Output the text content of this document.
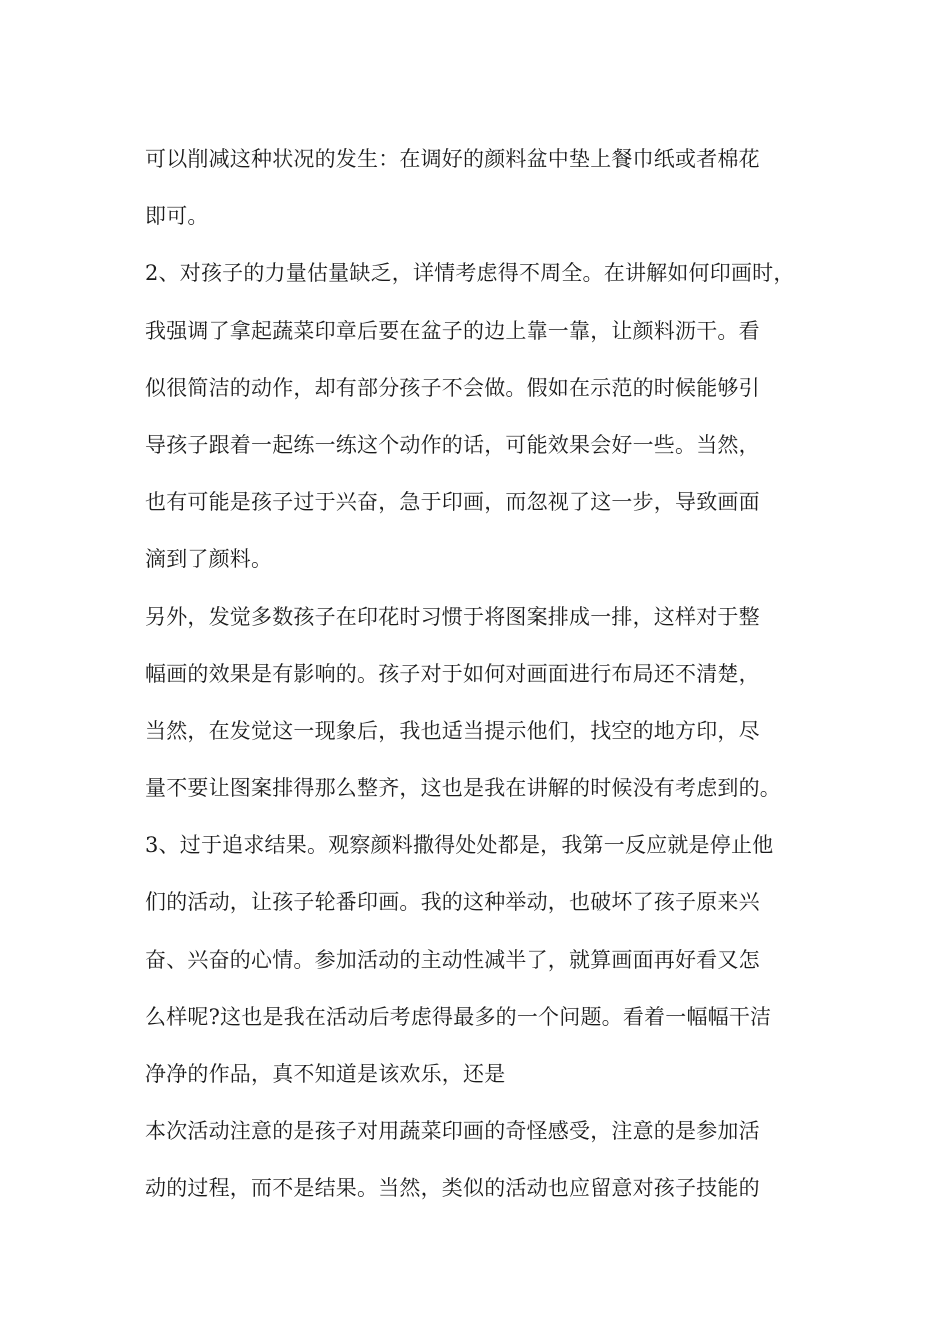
可以削减这种状况的发生：在调好的颜料盆中垫上餐巾纸或者棉花
即可。
2、对孩子的力量估量缺乏，详情考虑得不周全。在讲解如何印画时，
我强调了拿起蔬菜印章后要在盆子的边上靠一靠，让颜料沥干。看
似很简洁的动作，却有部分孩子不会做。假如在示范的时候能够引
导孩子跟着一起练一练这个动作的话，可能效果会好一些。当然，
也有可能是孩子过于兴奋，急于印画，而忽视了这一步，导致画面
滴到了颜料。
另外，发觉多数孩子在印花时习惯于将图案排成一排，这样对于整
幅画的效果是有影响的。孩子对于如何对画面进行布局还不清楚，
当然，在发觉这一现象后，我也适当提示他们，找空的地方印，尽
量不要让图案排得那么整齐，这也是我在讲解的时候没有考虑到的。
3、过于追求结果。观察颜料撒得处处都是，我第一反应就是停止他
们的活动，让孩子轮番印画。我的这种举动，也破坏了孩子原来兴
奋、兴奋的心情。参加活动的主动性减半了，就算画面再好看又怎
么样呢?这也是我在活动后考虑得最多的一个问题。看着一幅幅干洁
净净的作品，真不知道是该欢乐，还是
本次活动注意的是孩子对用蔬菜印画的奇怪感受，注意的是参加活
动的过程，而不是结果。当然，类似的活动也应留意对孩子技能的
